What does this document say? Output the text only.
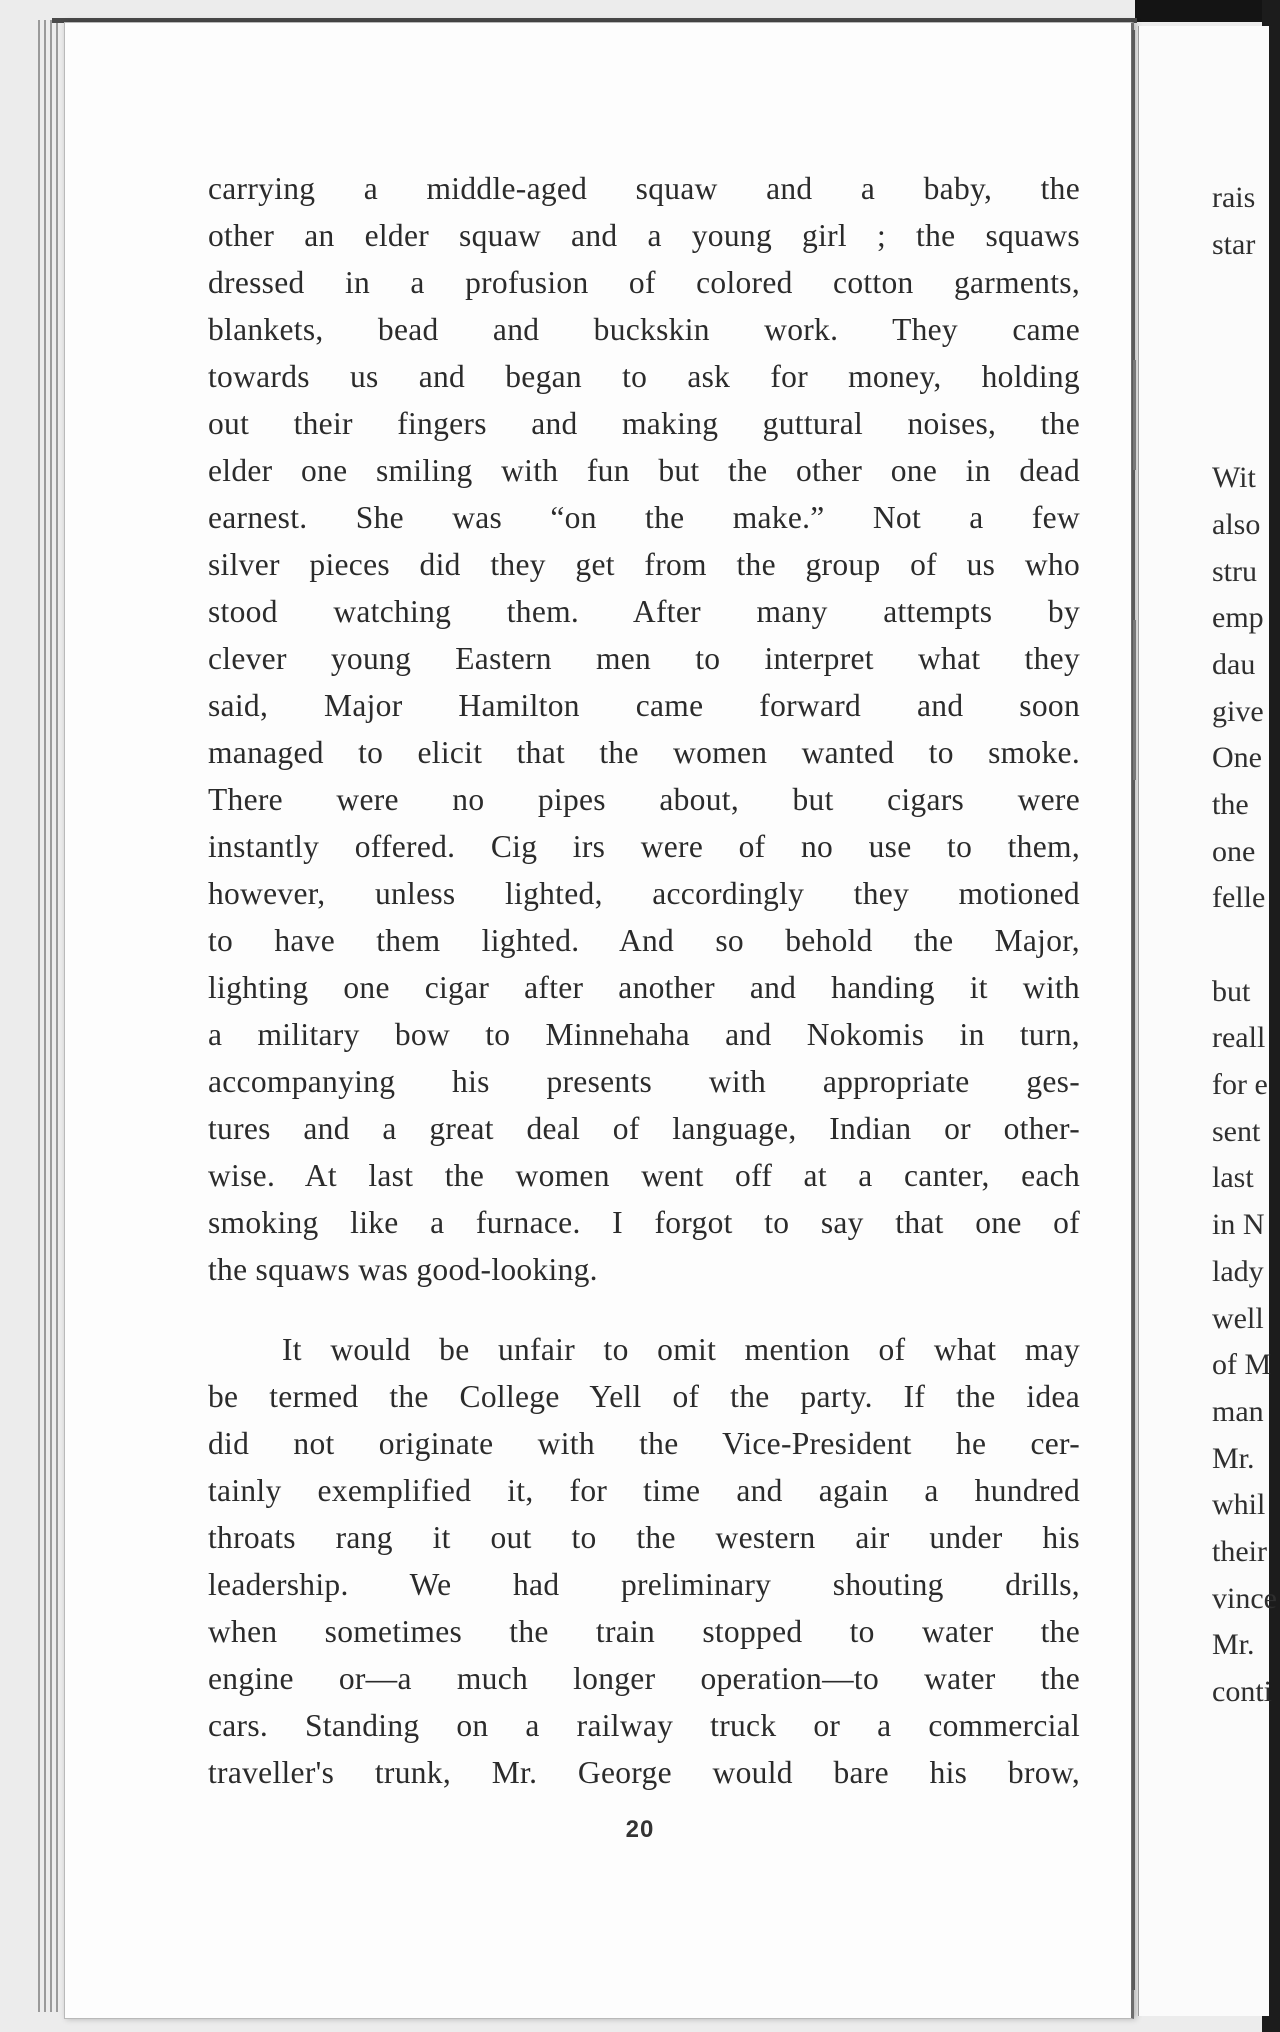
carrying a middle-aged squaw and a baby, the
other an elder squaw and a young girl ; the squaws
dressed in a profusion of colored cotton garments,
blankets, bead and buckskin work. They came
towards us and began to ask for money, holding
out their fingers and making guttural noises, the
elder one smiling with fun but the other one in dead
earnest. She was “on the make.” Not a few
silver pieces did they get from the group of us who
stood watching them. After many attempts by
clever young Eastern men to interpret what they
said, Major Hamilton came forward and soon
managed to elicit that the women wanted to smoke.
There were no pipes about, but cigars were
instantly offered. Cig irs were of no use to them,
however, unless lighted, accordingly they motioned
to have them lighted. And so behold the Major,
lighting one cigar after another and handing it with
a military bow to Minnehaha and Nokomis in turn,
accompanying his presents with appropriate ges-
tures and a great deal of language, Indian or other-
wise. At last the women went off at a canter, each
smoking like a furnace. I forgot to say that one of
the squaws was good-looking.
It would be unfair to omit mention of what may
be termed the College Yell of the party. If the idea
did not originate with the Vice-President he cer-
tainly exemplified it, for time and again a hundred
throats rang it out to the western air under his
leadership. We had preliminary shouting drills,
when sometimes the train stopped to water the
engine or—a much longer operation—to water the
cars. Standing on a railway truck or a commercial
traveller's trunk, Mr. George would bare his brow,
20
rais
star
Wit
also
stru
emp
dau
give
One
the
one
felle
but
reall
for e
sent
last
in N
lady
well
of M
man
Mr.
whil
their
vince
Mr.
conti
